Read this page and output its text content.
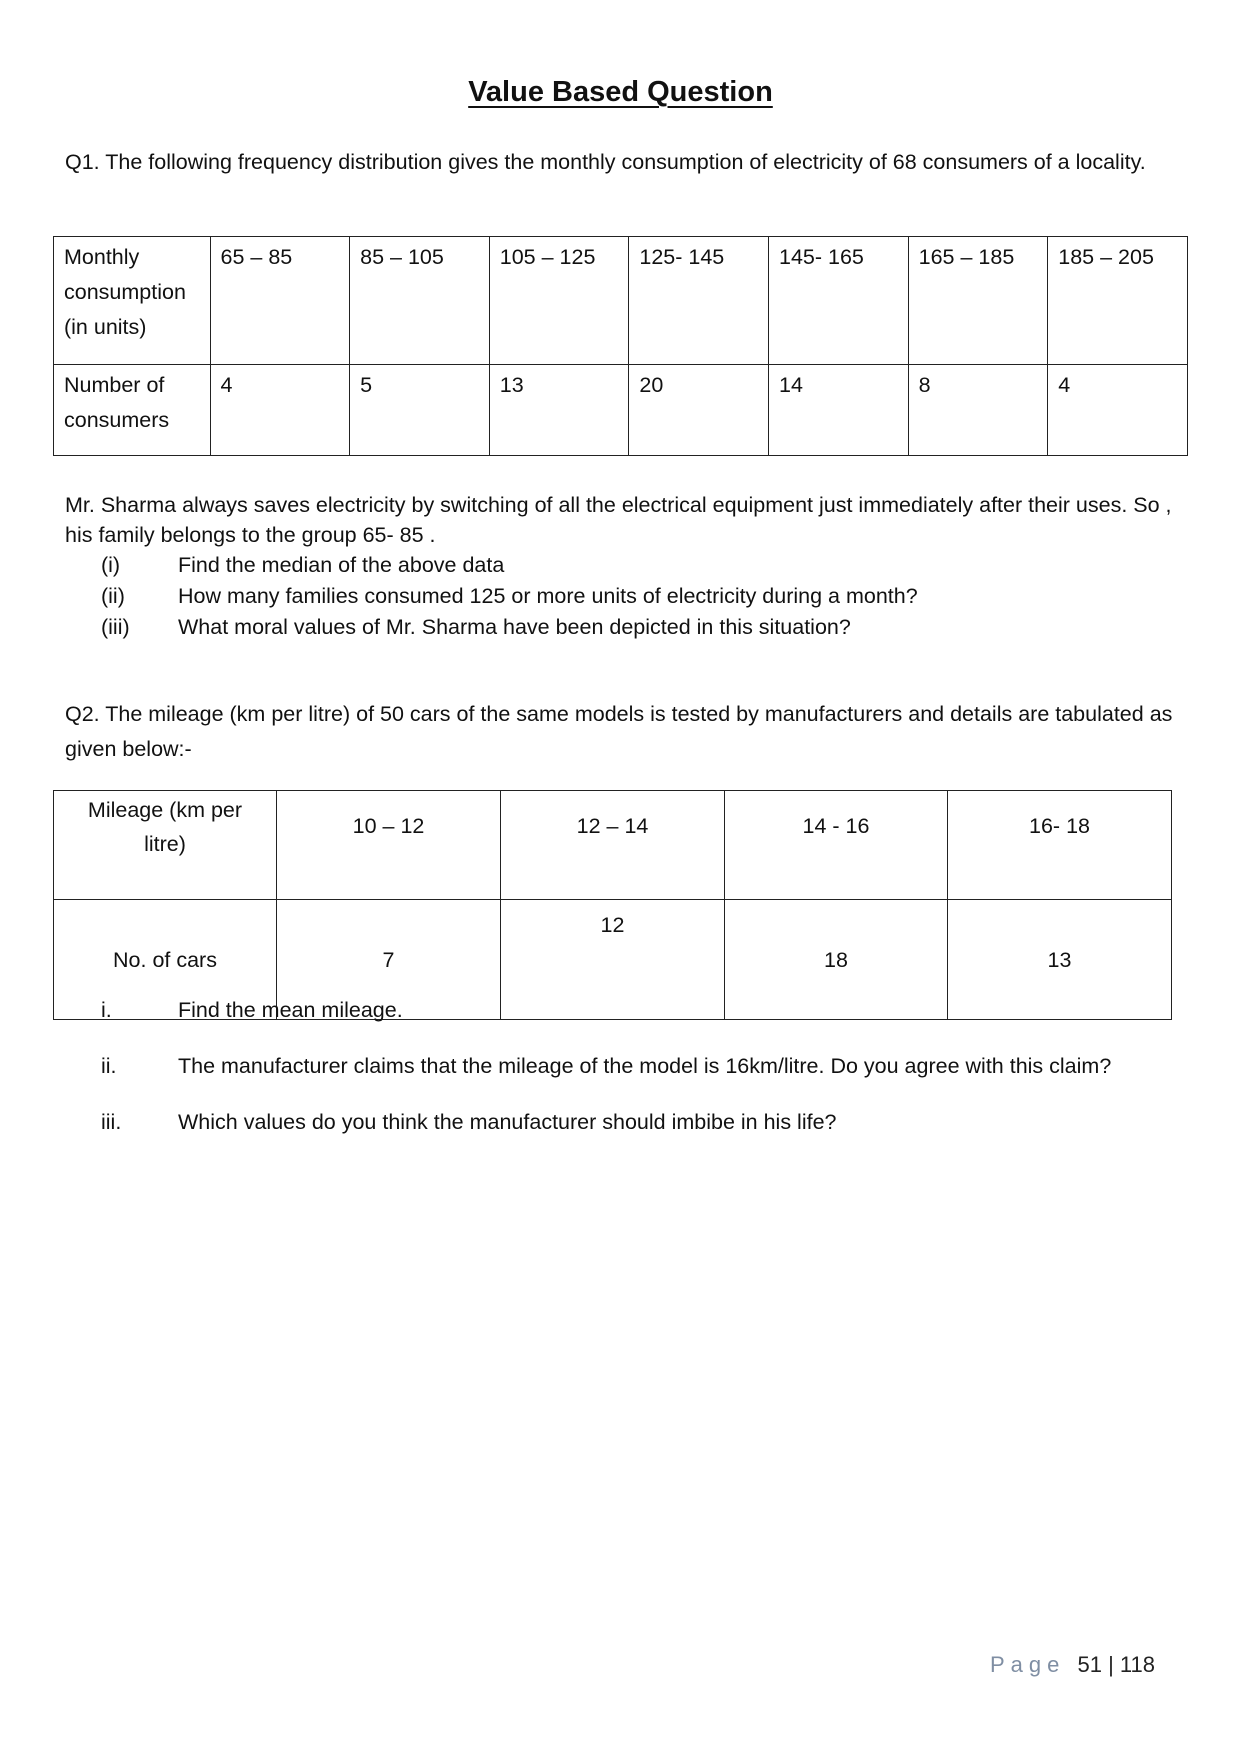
Value Based Question

Q1. The following frequency distribution gives the monthly consumption of electricity of 68 consumers of a locality.

Monthly
consumption
(in units)	65 – 85	85 – 105	105 – 125	125- 145	145- 165	165 – 185	185 – 205

Number of
consumers	4	5	13	20	14	8	4

Mr. Sharma always saves electricity by switching of all the electrical equipment just immediately after their uses. So , his family belongs to the group 65- 85 .

(i)	Find the median of the above data
(ii)	How many families consumed 125 or more units of electricity during a month?
(iii)	What moral values of Mr. Sharma have been depicted in this situation?

Q2. The mileage (km per litre) of 50 cars of the same models is tested by manufacturers and details are tabulated as given below:-

Mileage (km per
litre)	10 – 12	12 – 14	14 - 16	16- 18
No. of cars	7	12	18	13
i.	Find the mean mileage.
ii.	The manufacturer claims that the mileage of the model is 16km/litre. Do you agree with this claim?
iii.	Which values do you think the manufacturer should imbibe in his life?
Page 51 | 118
